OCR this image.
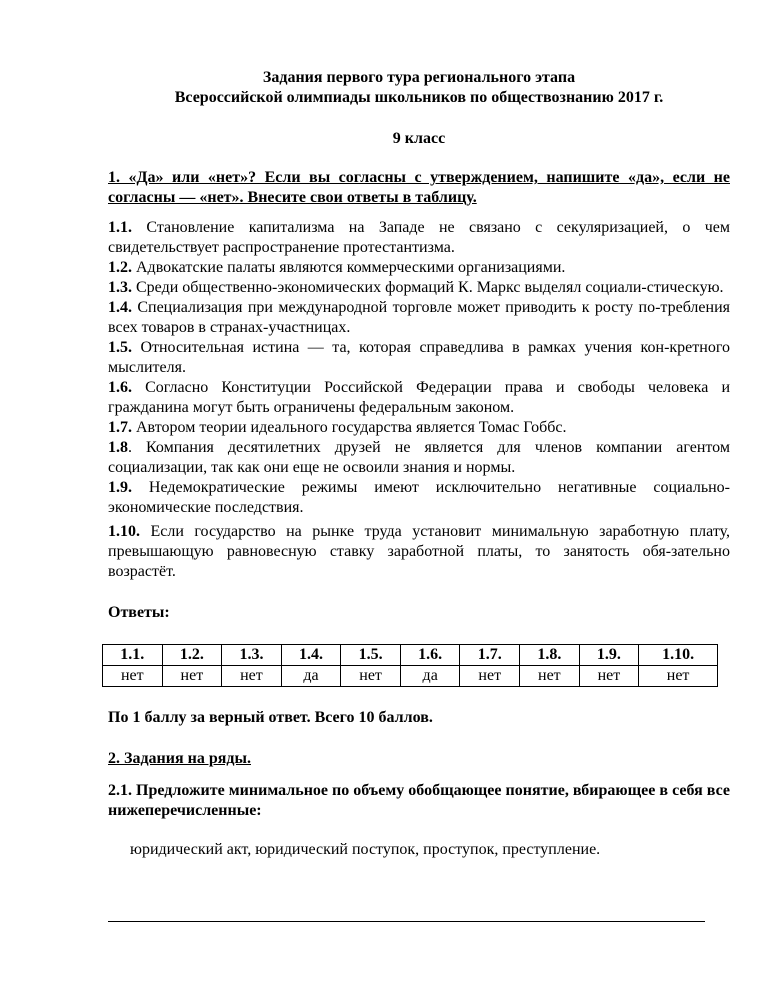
Задания первого тура регионального этапа
Всероссийской олимпиады школьников по обществознанию 2017 г.
9 класс
1. «Да» или «нет»? Если вы согласны с утверждением, напишите «да», если не согласны — «нет». Внесите свои ответы в таблицу.
1.1. Становление капитализма на Западе не связано с секуляризацией, о чем свидетельствует распространение протестантизма.
1.2. Адвокатские палаты являются коммерческими организациями.
1.3. Среди общественно-экономических формаций К. Маркс выделял социали-стическую.
1.4. Специализация при международной торговле может приводить к росту по-требления всех товаров в странах-участницах.
1.5. Относительная истина — та, которая справедлива в рамках учения кон-кретного мыслителя.
1.6. Согласно Конституции Российской Федерации права и свободы человека и гражданина могут быть ограничены федеральным законом.
1.7. Автором теории идеального государства является Томас Гоббс.
1.8. Компания десятилетних друзей не является для членов компании агентом социализации, так как они еще не освоили знания и нормы.
1.9. Недемократические режимы имеют исключительно негативные социально-экономические последствия.
1.10. Если государство на рынке труда установит минимальную заработную плату, превышающую равновесную ставку заработной платы, то занятость обя-зательно возрастёт.
Ответы:
1.1.	1.2.	1.3.	1.4.	1.5.	1.6.	1.7.	1.8.	1.9.	1.10.
нет	нет	нет	да	нет	да	нет	нет	нет	нет
По 1 баллу за верный ответ. Всего 10 баллов.
2. Задания на ряды.
2.1. Предложите минимальное по объему обобщающее понятие, вбирающее в себя все нижеперечисленные:
юридический акт, юридический поступок, проступок, преступление.
